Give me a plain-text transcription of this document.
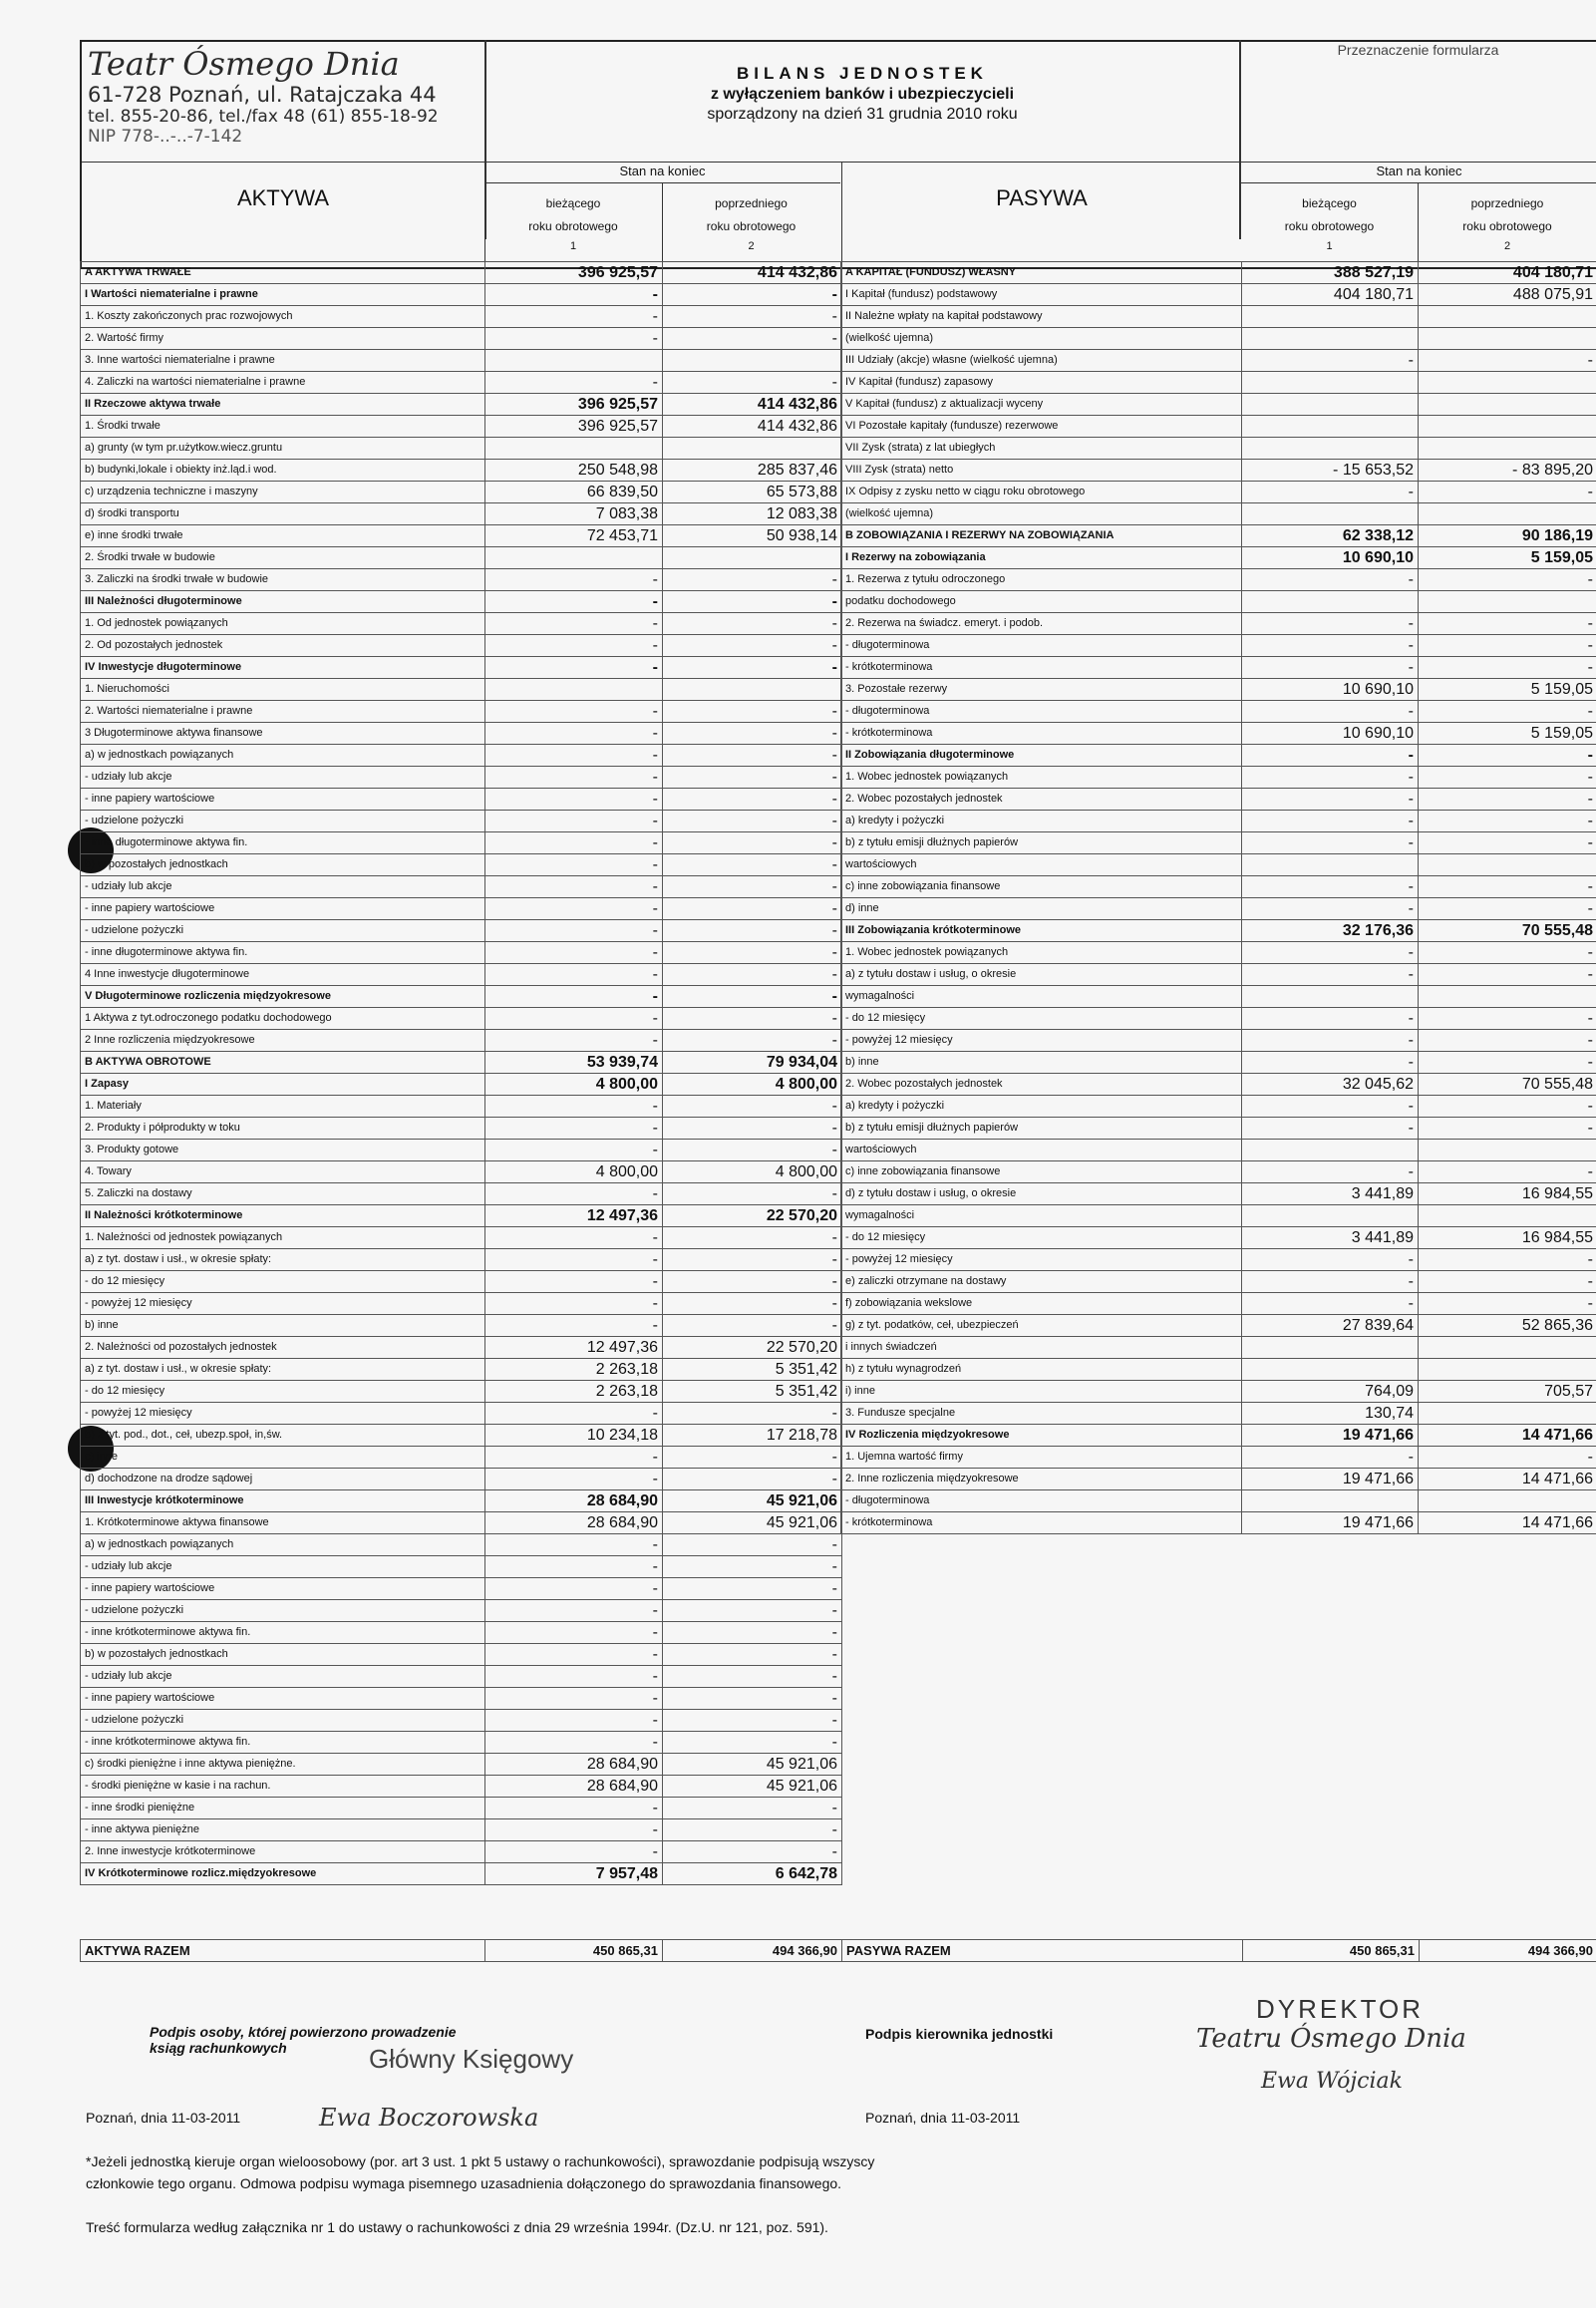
Teatr Ósmego Dnia
61-728 Poznań, ul. Ratajczaka 44
tel. 855-20-86, tel./fax 48 (61) 855-18-92
NIP 778-..-..-7-142
BILANS JEDNOSTEK
z wyłączeniem banków i ubezpieczycieli
sporządzony na dzień 31 grudnia 2010 roku
Przeznaczenie formularza
AKTYWA	PASYWA
Stan na koniec
bieżącego
roku obrotowego
poprzedniego
roku obrotowego
1	2
Stan na koniec
bieżącego
roku obrotowego
poprzedniego
roku obrotowego
1	2
A AKTYWA TRWAŁE	396 925,57	414 432,86
I Wartości niematerialne i prawne	-	-
1. Koszty zakończonych prac rozwojowych	-	-
2. Wartość firmy	-	-
3. Inne wartości niematerialne i prawne		
4. Zaliczki na wartości niematerialne i prawne	-	-
II Rzeczowe aktywa trwałe	396 925,57	414 432,86
1. Środki trwałe	396 925,57	414 432,86
a) grunty (w tym pr.użytkow.wiecz.gruntu		
b) budynki,lokale i obiekty inż.ląd.i wod.	250 548,98	285 837,46
c) urządzenia techniczne i maszyny	66 839,50	65 573,88
d) środki transportu	7 083,38	12 083,38
e) inne środki trwałe	72 453,71	50 938,14
2. Środki trwałe w budowie		
3. Zaliczki na środki trwałe w budowie	-	-
III Należności długoterminowe	-	-
1. Od jednostek powiązanych	-	-
2. Od pozostałych jednostek	-	-
IV Inwestycje długoterminowe	-	-
1. Nieruchomości		
2. Wartości niematerialne i prawne	-	-
3 Długoterminowe aktywa finansowe	-	-
a) w jednostkach powiązanych	-	-
- udziały lub akcje	-	-
- inne papiery wartościowe	-	-
- udzielone pożyczki	-	-
- inne długoterminowe aktywa fin.	-	-
b) w pozostałych jednostkach	-	-
- udziały lub akcje	-	-
- inne papiery wartościowe	-	-
- udzielone pożyczki	-	-
- inne długoterminowe aktywa fin.	-	-
4 Inne inwestycje długoterminowe	-	-
V Długoterminowe rozliczenia międzyokresowe	-	-
1 Aktywa z tyt.odroczonego podatku dochodowego	-	-
2 Inne rozliczenia międzyokresowe	-	-
B AKTYWA OBROTOWE	53 939,74	79 934,04
I Zapasy	4 800,00	4 800,00
1. Materiały	-	-
2. Produkty i półprodukty w toku	-	-
3. Produkty gotowe	-	-
4. Towary	4 800,00	4 800,00
5. Zaliczki na dostawy	-	-
II Należności krótkoterminowe	12 497,36	22 570,20
1. Należności od jednostek powiązanych	-	-
a) z tyt. dostaw i usł., w okresie spłaty:	-	-
- do 12 miesięcy	-	-
- powyżej 12 miesięcy	-	-
b) inne	-	-
2. Należności od pozostałych jednostek	12 497,36	22 570,20
a) z tyt. dostaw i usł., w okresie spłaty:	2 263,18	5 351,42
- do 12 miesięcy	2 263,18	5 351,42
- powyżej 12 miesięcy	-	-
b) z tyt. pod., dot., ceł, ubezp.społ, in,św.	10 234,18	17 218,78
c) inne	-	-
d) dochodzone na drodze sądowej	-	-
III Inwestycje krótkoterminowe	28 684,90	45 921,06
1. Krótkoterminowe aktywa finansowe	28 684,90	45 921,06
a) w jednostkach powiązanych	-	-
- udziały lub akcje	-	-
- inne papiery wartościowe	-	-
- udzielone pożyczki	-	-
- inne krótkoterminowe aktywa fin.	-	-
b) w pozostałych jednostkach	-	-
- udziały lub akcje	-	-
- inne papiery wartościowe	-	-
- udzielone pożyczki	-	-
- inne krótkoterminowe aktywa fin.	-	-
c) środki pieniężne i inne aktywa pieniężne.	28 684,90	45 921,06
- środki pieniężne w kasie i na rachun.	28 684,90	45 921,06
- inne środki pieniężne	-	-
- inne aktywa pieniężne	-	-
2. Inne inwestycje krótkoterminowe	-	-
IV Krótkoterminowe rozlicz.międzyokresowe	7 957,48	6 642,78
A KAPITAŁ (FUNDUSZ) WŁASNY	388 527,19	404 180,71
I Kapitał (fundusz) podstawowy	404 180,71	488 075,91
II Należne wpłaty na kapitał podstawowy		
(wielkość ujemna)		
III Udziały (akcje) własne (wielkość ujemna)	-	-
IV Kapitał (fundusz) zapasowy		
V Kapitał (fundusz) z aktualizacji wyceny		
VI Pozostałe kapitały (fundusze) rezerwowe		
VII Zysk (strata) z lat ubiegłych		
VIII Zysk (strata) netto	- 15 653,52	- 83 895,20
IX Odpisy z zysku netto w ciągu roku obrotowego	-	-
(wielkość ujemna)		
B ZOBOWIĄZANIA I REZERWY NA ZOBOWIĄZANIA	62 338,12	90 186,19
I Rezerwy na zobowiązania	10 690,10	5 159,05
1. Rezerwa z tytułu odroczonego	-	-
podatku dochodowego		
2. Rezerwa na świadcz. emeryt. i podob.	-	-
- długoterminowa	-	-
- krótkoterminowa	-	-
3. Pozostałe rezerwy	10 690,10	5 159,05
- długoterminowa	-	-
- krótkoterminowa	10 690,10	5 159,05
II Zobowiązania długoterminowe	-	-
1. Wobec jednostek powiązanych	-	-
2. Wobec pozostałych jednostek	-	-
a) kredyty i pożyczki	-	-
b) z tytułu emisji dłużnych papierów	-	-
wartościowych		
c) inne zobowiązania finansowe	-	-
d) inne	-	-
III Zobowiązania krótkoterminowe	32 176,36	70 555,48
1. Wobec jednostek powiązanych	-	-
a) z tytułu dostaw i usług, o okresie	-	-
wymagalności		
- do 12 miesięcy	-	-
- powyżej 12 miesięcy	-	-
b) inne	-	-
2. Wobec pozostałych jednostek	32 045,62	70 555,48
a) kredyty i pożyczki	-	-
b) z tytułu emisji dłużnych papierów	-	-
wartościowych		
c) inne zobowiązania finansowe	-	-
d) z tytułu dostaw i usług, o okresie	3 441,89	16 984,55
wymagalności		
- do 12 miesięcy	3 441,89	16 984,55
- powyżej 12 miesięcy	-	-
e) zaliczki otrzymane na dostawy	-	-
f) zobowiązania wekslowe	-	-
g) z tyt. podatków, ceł, ubezpieczeń	27 839,64	52 865,36
i innych świadczeń		
h) z tytułu wynagrodzeń		
i) inne	764,09	705,57
3. Fundusze specjalne	130,74	
IV Rozliczenia międzyokresowe	19 471,66	14 471,66
1. Ujemna wartość firmy	-	-
2. Inne rozliczenia międzyokresowe	19 471,66	14 471,66
- długoterminowa		
- krótkoterminowa	19 471,66	14 471,66
AKTYWA RAZEM	450 865,31	494 366,90	PASYWA RAZEM	450 865,31	494 366,90
Podpis osoby, której powierzono prowadzenie ksiąg rachunkowych	Główny Księgowy
Ewa Boczorowska
Podpis kierownika jednostki
DYREKTOR
Teatru Ósmego Dnia
Ewa Wójciak
Poznań, dnia 11-03-2011	Poznań, dnia 11-03-2011
*Jeżeli jednostką kieruje organ wieloosobowy (por. art 3 ust. 1 pkt 5 ustawy o rachunkowości), sprawozdanie podpisują wszyscy
członkowie tego organu. Odmowa podpisu wymaga pisemnego uzasadnienia dołączonego do sprawozdania finansowego.
Treść formularza według załącznika nr 1 do ustawy o rachunkowości z dnia 29 września 1994r. (Dz.U. nr 121, poz. 591).
